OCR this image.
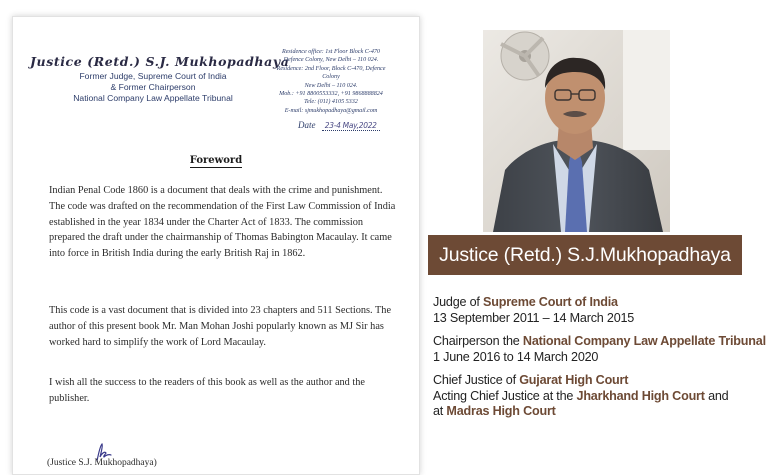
Justice (Retd.) S.J. Mukhopadhaya
Former Judge, Supreme Court of India
& Former Chairperson
National Company Law Appellate Tribunal
Residence office: 1st Floor Block C-470
Defence Colony, New Delhi – 110 024.
Residence: 2nd Floor, Block C-470, Defence Colony
New Delhi – 110 024.
Mob.: +91 8800553332, +91 9868888824
Tele: (011) 4105 5332
E-mail: sjmukhopadhaya@gmail.com
Date 23-4 May,2022
Foreword

Indian Penal Code 1860 is a document that deals with the crime and punishment. The code was drafted on the recommendation of the First Law Commission of India established in the year 1834 under the Charter Act of 1833. The commission prepared the draft under the chairmanship of Thomas Babington Macaulay. It came into force in British India during the early British Raj in 1862.

This code is a vast document that is divided into 23 chapters and 511 Sections. The author of this present book Mr. Man Mohan Joshi popularly known as MJ Sir has worked hard to simplify the work of Lord Macaulay.

I wish all the success to the readers of this book as well as the author and the publisher.

(Justice S.J. Mukhopadhaya)
Justice (Retd.) S.J.Mukhopadhaya
Judge of Supreme Court of India
13 September 2011 – 14 March 2015
Chairperson the National Company Law Appellate Tribunal
1 June 2016 to 14 March 2020
Chief Justice of Gujarat High Court
Acting Chief Justice at the Jharkhand High Court and
at Madras High Court
